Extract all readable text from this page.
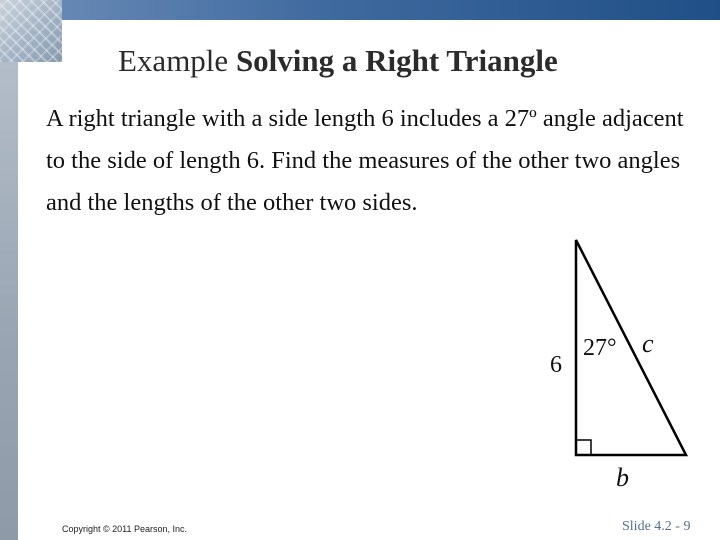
Example Solving a Right Triangle

A right triangle with a side length 6 includes a 27º angle adjacent to the side of length 6. Find the measures of the other two angles and the lengths of the other two sides.

6
27° c
b
Copyright © 2011 Pearson, Inc.	Slide 4.2 - 9
